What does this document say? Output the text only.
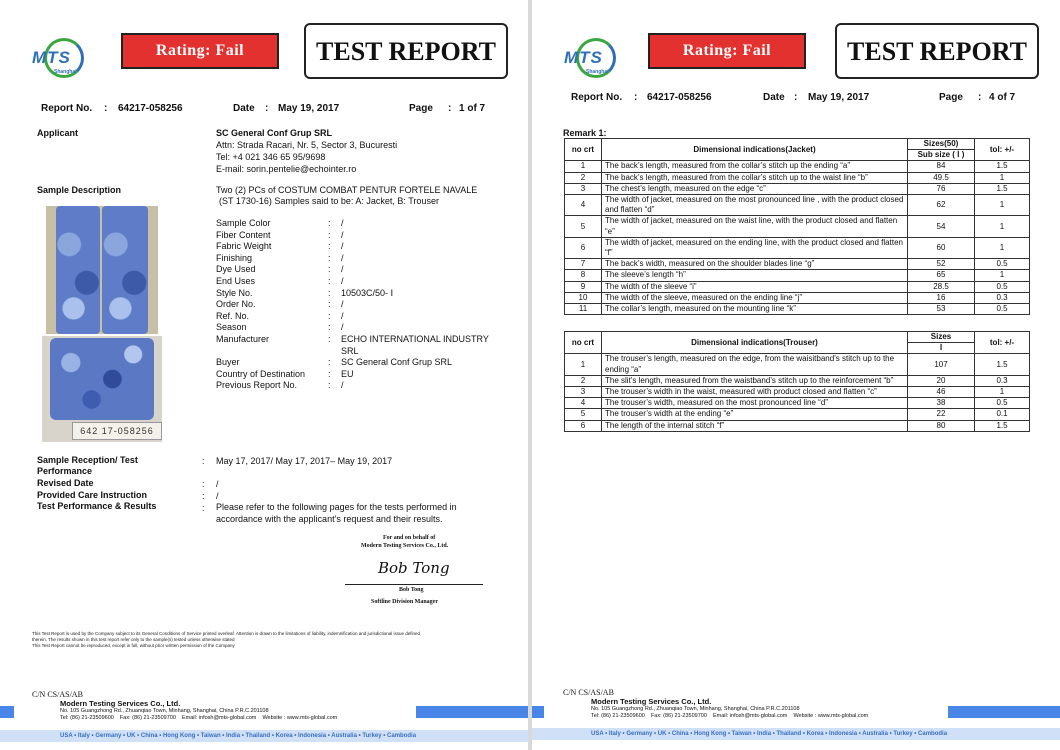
MTS
Shanghai
Rating: Fail	TEST REPORT
Report No. : 64217-058256	Date : May 19, 2017	Page : 1 of 7
Applicant	SC General Conf Grup SRL
Attn: Strada Racari, Nr. 5, Sector 3, Bucuresti
Tel: +4 021 346 65 95/9698
E-mail: sorin.pentelie@echointer.ro
Sample Description	Two (2) PCs of COSTUM COMBAT PENTUR FORTELE NAVALE
(ST 1730-16) Samples said to be: A: Jacket, B: Trouser
642 17-058256
Sample Color	: /
Fiber Content	: /
Fabric Weight	: /
Finishing	: /
Dye Used	: /
End Uses	: /
Style No.	: 10503C/50- Ⅰ
Order No.	: /
Ref. No.	: /
Season	: /
Manufacturer	: ECHO INTERNATIONAL INDUSTRY
SRL
Buyer	: SC General Conf Grup SRL
Country of Destination	: EU
Previous Report No.	: /
Sample Reception/ Test Performance
: May 17, 2017/ May 17, 2017– May 19, 2017
Revised Date	: /
Provided Care Instruction	: /
Test Performance & Results	: Please refer to the following pages for the tests performed in
accordance with the applicant’s request and their results.
For and on behalf of
Modern Testing Services Co., Ltd.
Bob Tong
Bob Tong
Softline Division Manager
This Test Report is used by the Company subject to its General Conditions of Service printed overleaf. Attention is drawn to the limitations of liability, indemnification and jurisdictional issue defined
therein. The results shown in this test report refer only to the sample(s) tested unless otherwise stated
This Test Report cannot be reproduced, except in full, without prior written permission of the Company
C/N CS/AS/AB
Modern Testing Services Co., Ltd.
No. 105 Guangzhong Rd., Zhuanqiao Town, Minhang, Shanghai, China P.R.C.201108
Tel: (86) 21-23509600    Fax: (86) 21-23509700    Email: infosh@mts-global.com    Website : www.mts-global.com
USA • Italy • Germany • UK • China • Hong Kong • Taiwan • India • Thailand • Korea • Indonesia • Australia • Turkey • Cambodia
MTS
Shanghai
Rating: Fail	TEST REPORT
Report No. : 64217-058256	Date : May 19, 2017	Page : 4 of 7
Remark 1:
no crt	Dimensional indications(Jacket)	Sizes(50)	tol: +/-
		Sub size ( Ⅰ )	
1	The back’s length, measured from the collar’s stitch up the ending “a”	84	1.5
2	The back’s length, measured from the collar’s stitch up to the waist line “b”	49.5	1
3	The chest’s length, measured on the edge “c”	76	1.5
4	The width of jacket, measured on the most pronounced line , with the product closed and flatten “d”	62	1
5	The width of jacket, measured on the waist line, with the product closed and flatten “e”	54	1
6	The width of jacket, measured on the ending line, with the product closed and flatten “f”	60	1
7	The back’s width, measured on the shoulder blades line “g”	52	0.5
8	The sleeve’s length “h”	65	1
9	The width of the sleeve “i”	28.5	0.5
10	The width of the sleeve, measured on the ending line “j”	16	0.3
11	The collar’s length, measured on the mounting line “k”	53	0.5
no crt	Dimensional indications(Trouser)	Sizes	tol: +/-
		Ⅰ	
1	The trouser’s length, measured on the edge, from the waisitband’s stitch up to the ending “a”	107	1.5
2	The slit’s length, measured from the waistband’s stitch up to the reinforcement “b”	20	0.3
3	The trouser’s width in the waist, measured with product closed and flatten “c”	46	1
4	The trouser’s width, measured on the most pronounced line “d”	38	0.5
5	The trouser’s width at the ending “e”	22	0.1
6	The length of the internal stitch “f”	80	1.5
C/N CS/AS/AB
Modern Testing Services Co., Ltd.
No. 105 Guangzhong Rd., Zhuanqiao Town, Minhang, Shanghai, China P.R.C.201108
Tel: (86) 21-23509600    Fax: (86) 21-23509700    Email: infosh@mts-global.com    Website : www.mts-global.com
USA • Italy • Germany • UK • China • Hong Kong • Taiwan • India • Thailand • Korea • Indonesia • Australia • Turkey • Cambodia
